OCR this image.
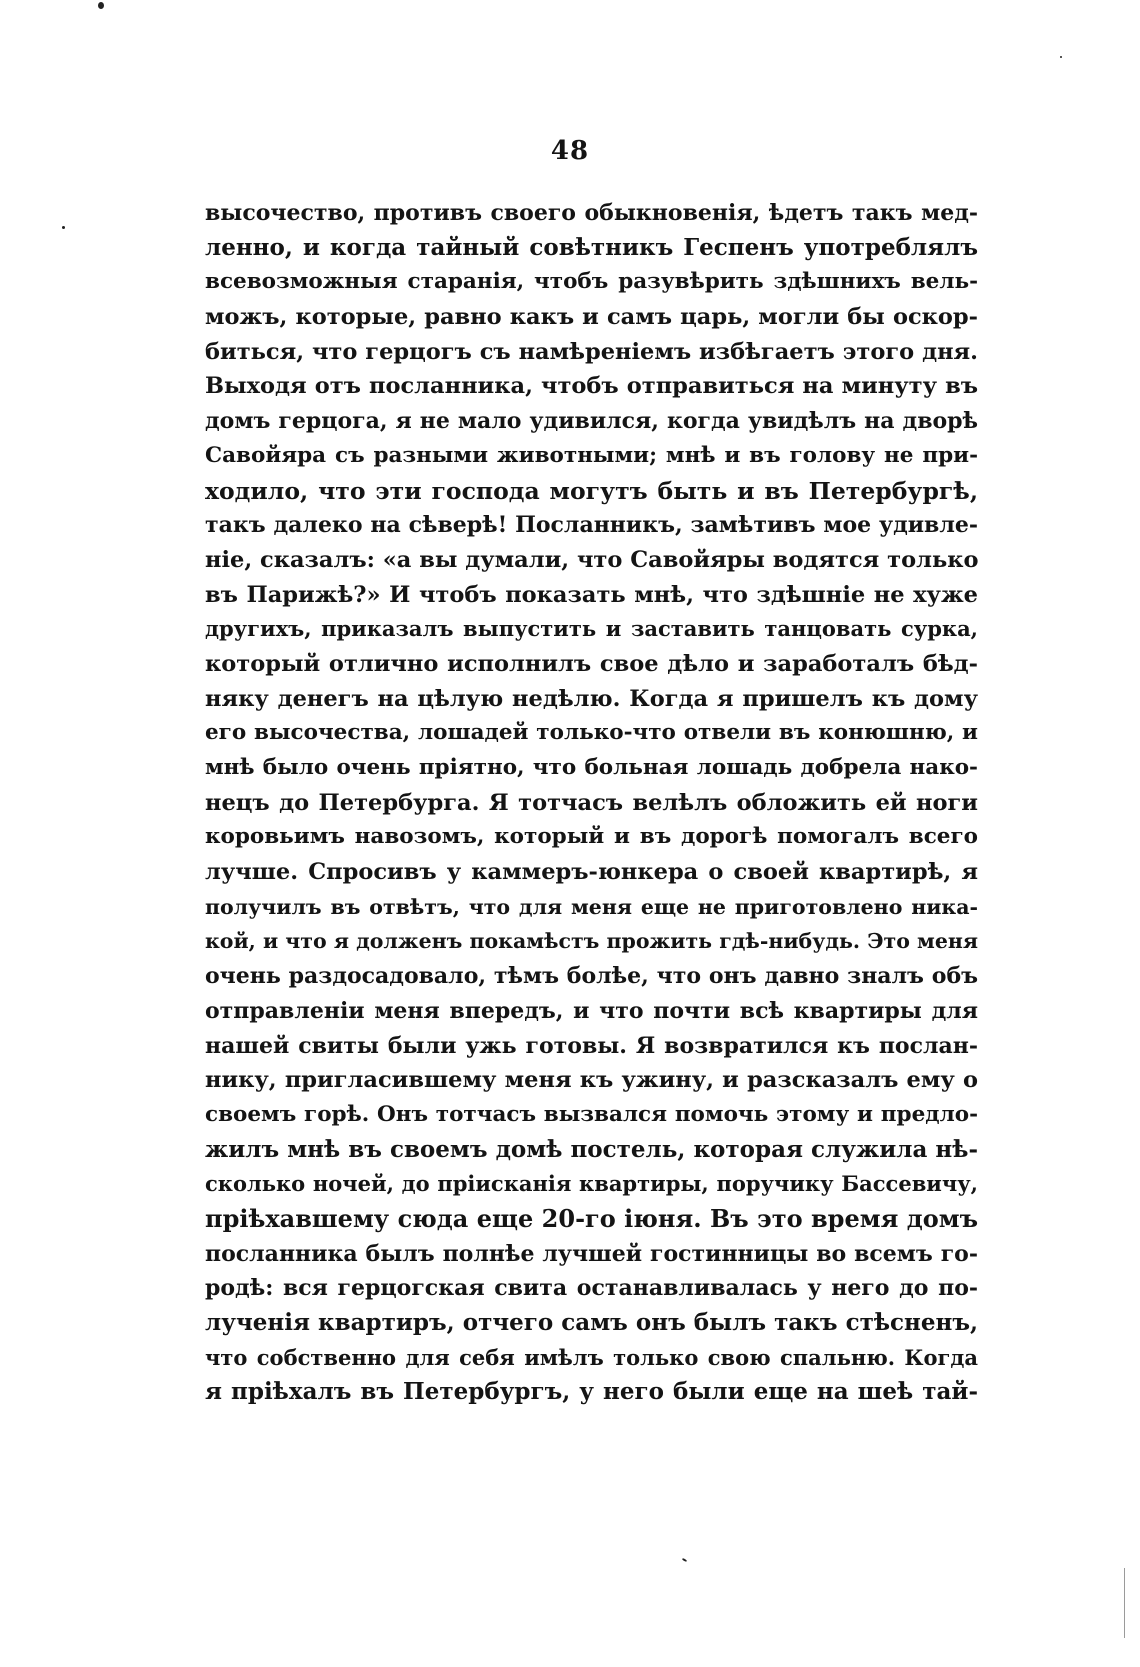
48
высочество, противъ своего обыкновенія, ѣдетъ такъ мед-
ленно, и когда тайный совѣтникъ Геспенъ употреблялъ
всевозможныя старанія, чтобъ разувѣрить здѣшнихъ вель-
можъ, которые, равно какъ и самъ царь, могли бы оскор-
биться, что герцогъ съ намѣреніемъ избѣгаетъ этого дня.
Выходя отъ посланника, чтобъ отправиться на минуту въ
домъ герцога, я не мало удивился, когда увидѣлъ на дворѣ
Савойяра съ разными животными; мнѣ и въ голову не при-
ходило, что эти господа могутъ быть и въ Петербургѣ,
такъ далеко на сѣверѣ! Посланникъ, замѣтивъ мое удивле-
ніе, сказалъ: «а вы думали, что Савойяры водятся только
въ Парижѣ?» И чтобъ показать мнѣ, что здѣшніе не хуже
другихъ, приказалъ выпустить и заставить танцовать сурка,
который отлично исполнилъ свое дѣло и заработалъ бѣд-
няку денегъ на цѣлую недѣлю. Когда я пришелъ къ дому
его высочества, лошадей только-что отвели въ конюшню, и
мнѣ было очень пріятно, что больная лошадь добрела нако-
нецъ до Петербурга. Я тотчасъ велѣлъ обложить ей ноги
коровьимъ навозомъ, который и въ дорогѣ помогалъ всего
лучше. Спросивъ у каммеръ-юнкера о своей квартирѣ, я
получилъ въ отвѣтъ, что для меня еще не приготовлено ника-
кой, и что я долженъ покамѣстъ прожить гдѣ-нибудь. Это меня
очень раздосадовало, тѣмъ болѣе, что онъ давно зналъ объ
отправленіи меня впередъ, и что почти всѣ квартиры для
нашей свиты были ужь готовы. Я возвратился къ послан-
нику, пригласившему меня къ ужину, и разсказалъ ему о
своемъ горѣ. Онъ тотчасъ вызвался помочь этому и предло-
жилъ мнѣ въ своемъ домѣ постель, которая служила нѣ-
сколько ночей, до пріисканія квартиры, поручику Бассевичу,
пріѣхавшему сюда еще 20-го іюня. Въ это время домъ
посланника былъ полнѣе лучшей гостинницы во всемъ го-
родѣ: вся герцогская свита останавливалась у него до по-
лученія квартиръ, отчего самъ онъ былъ такъ стѣсненъ,
что собственно для себя имѣлъ только свою спальню. Когда
я пріѣхалъ въ Петербургъ, у него были еще на шеѣ тай-
